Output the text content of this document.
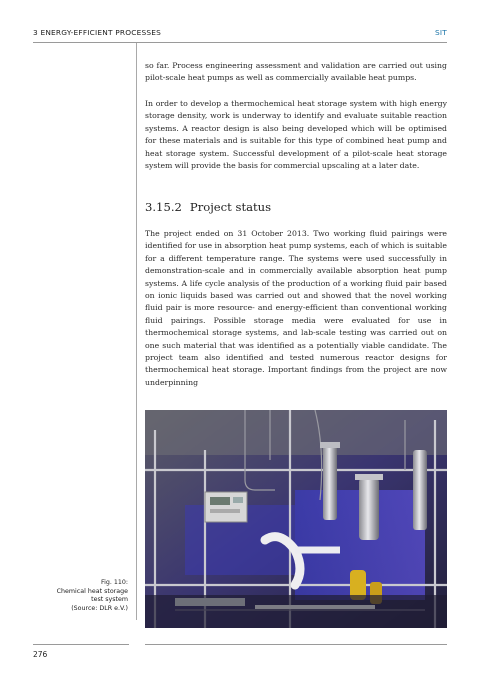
3 ENERGY-EFFICIENT PROCESSES	SIT

so far. Process engineering assessment and validation are carried out using pilot-scale heat pumps as well as commercially available heat pumps.

In order to develop a thermochemical heat storage system with high energy storage density, work is underway to identify and evaluate suitable reaction systems. A reactor design is also being developed which will be optimised for these materials and is suitable for this type of combined heat pump and heat storage system. Successful development of a pilot-scale heat storage system will provide the basis for commercial upscaling at a later date.

3.15.2 Project status

The project ended on 31 October 2013. Two working fluid pairings were identified for use in absorption heat pump systems, each of which is suitable for a different temperature range. The systems were used successfully in demonstration-scale and in commercially available absorption heat pump systems. A life cycle analysis of the production of a working fluid pair based on ionic liquids based was carried out and showed that the novel working fluid pair is more resource- and energy-efficient than conventional working fluid pairings. Possible storage media were evaluated for use in thermochemical storage systems, and lab-scale testing was carried out on one such material that was identified as a potentially viable candidate. The project team also identified and tested numerous reactor designs for thermochemical heat storage. Important findings from the project are now underpinning

Fig. 110:
Chemical heat storage
test system
(Source: DLR e.V.)
276
